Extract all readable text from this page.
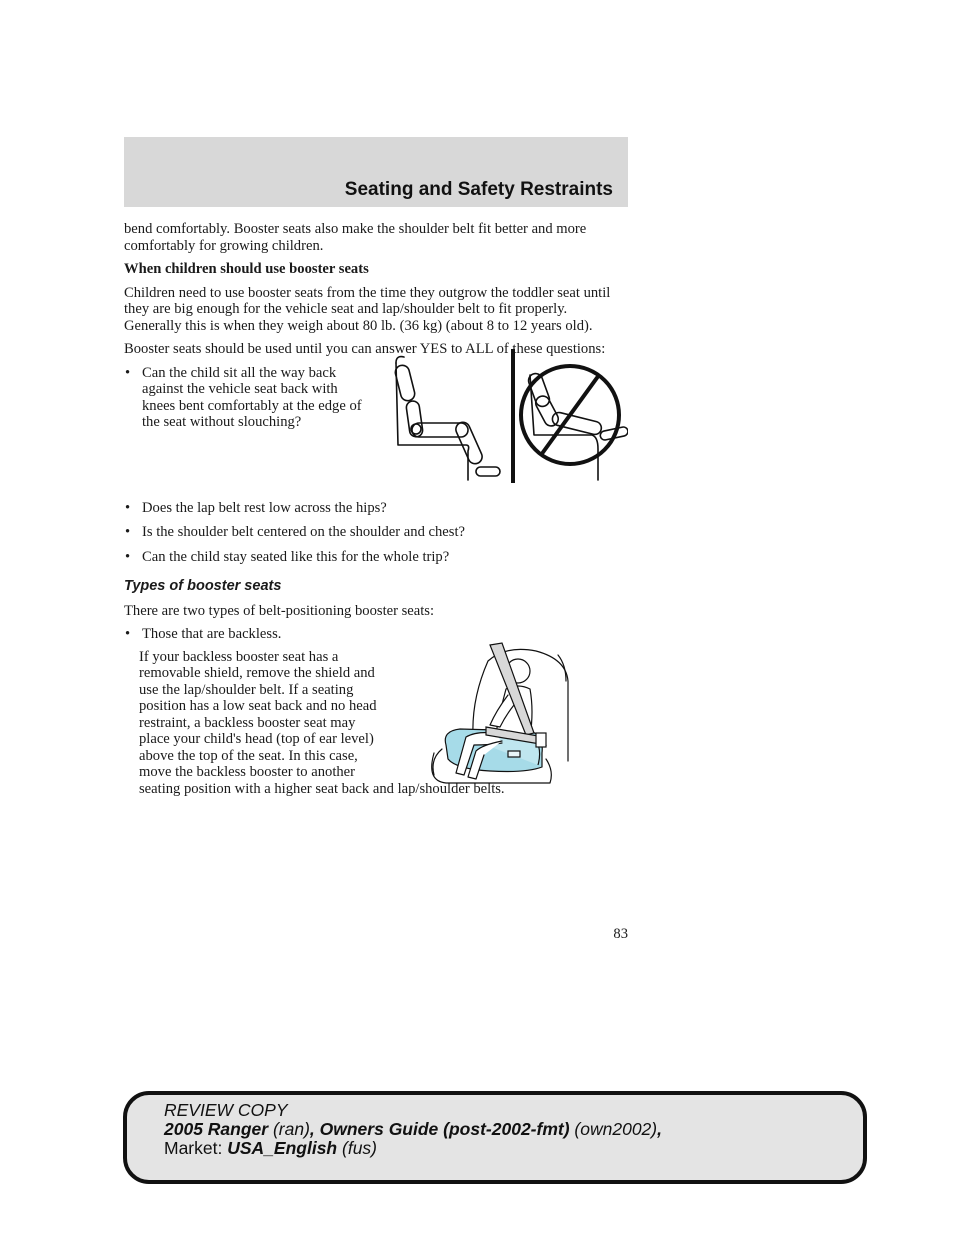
Seating and Safety Restraints

bend comfortably. Booster seats also make the shoulder belt fit better and more comfortably for growing children.

When children should use booster seats

Children need to use booster seats from the time they outgrow the toddler seat until they are big enough for the vehicle seat and lap/shoulder belt to fit properly. Generally this is when they weigh about 80 lb. (36 kg) (about 8 to 12 years old).

Booster seats should be used until you can answer YES to ALL of these questions:

• Can the child sit all the way back against the vehicle seat back with knees bent comfortably at the edge of the seat without slouching?
• Does the lap belt rest low across the hips?
• Is the shoulder belt centered on the shoulder and chest?
• Can the child stay seated like this for the whole trip?
Types of booster seats

There are two types of belt-positioning booster seats:

• Those that are backless.
If your backless booster seat has a removable shield, remove the shield and use the lap/shoulder belt. If a seating position has a low seat back and no head restraint, a backless booster seat may place your child's head (top of ear level) above the top of the seat. In this case, move the backless booster to another
seating position with a higher seat back and lap/shoulder belts.
83
REVIEW COPY
2005 Ranger (ran), Owners Guide (post-2002-fmt) (own2002),
Market: USA_English (fus)
